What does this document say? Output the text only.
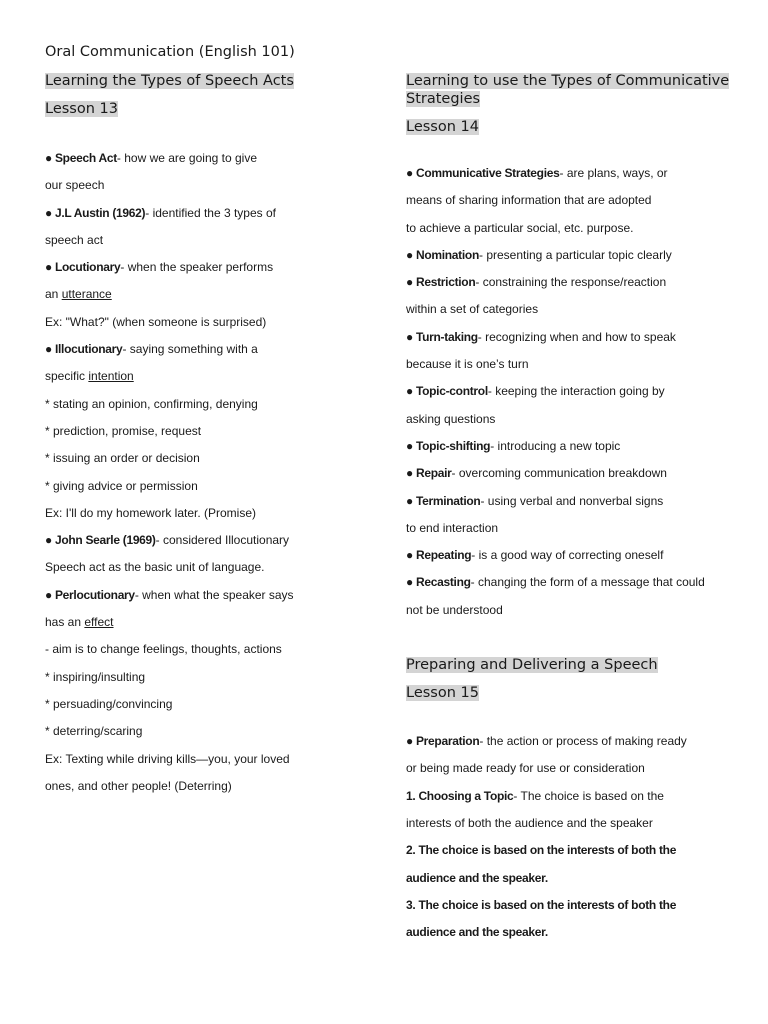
Oral Communication (English 101)
Learning the Types of Speech Acts
Lesson 13
● Speech Act- how we are going to give
our speech
● J.L Austin (1962)- identified the 3 types of
speech act
● Locutionary- when the speaker performs
an utterance
Ex: "What?" (when someone is surprised)
● Illocutionary- saying something with a
specific intention
* stating an opinion, confirming, denying
* prediction, promise, request
* issuing an order or decision
* giving advice or permission
Ex: I'll do my homework later. (Promise)
● John Searle (1969)- considered Illocutionary
Speech act as the basic unit of language.
● Perlocutionary- when what the speaker says
has an effect
- aim is to change feelings, thoughts, actions
* inspiring/insulting
* persuading/convincing
* deterring/scaring
Ex: Texting while driving kills—you, your loved
ones, and other people! (Deterring)
Learning to use the Types of Communicative Strategies
Lesson 14
● Communicative Strategies- are plans, ways, or
means of sharing information that are adopted
to achieve a particular social, etc. purpose.
● Nomination- presenting a particular topic clearly
● Restriction- constraining the response/reaction
within a set of categories
● Turn-taking- recognizing when and how to speak
because it is one’s turn
● Topic-control- keeping the interaction going by
asking questions
● Topic-shifting- introducing a new topic
● Repair- overcoming communication breakdown
● Termination- using verbal and nonverbal signs
to end interaction
● Repeating- is a good way of correcting oneself
● Recasting- changing the form of a message that could
not be understood
Preparing and Delivering a Speech
Lesson 15
● Preparation- the action or process of making ready
or being made ready for use or consideration
1. Choosing a Topic- The choice is based on the
interests of both the audience and the speaker
2. The choice is based on the interests of both the
audience and the speaker.
3. The choice is based on the interests of both the
audience and the speaker.
